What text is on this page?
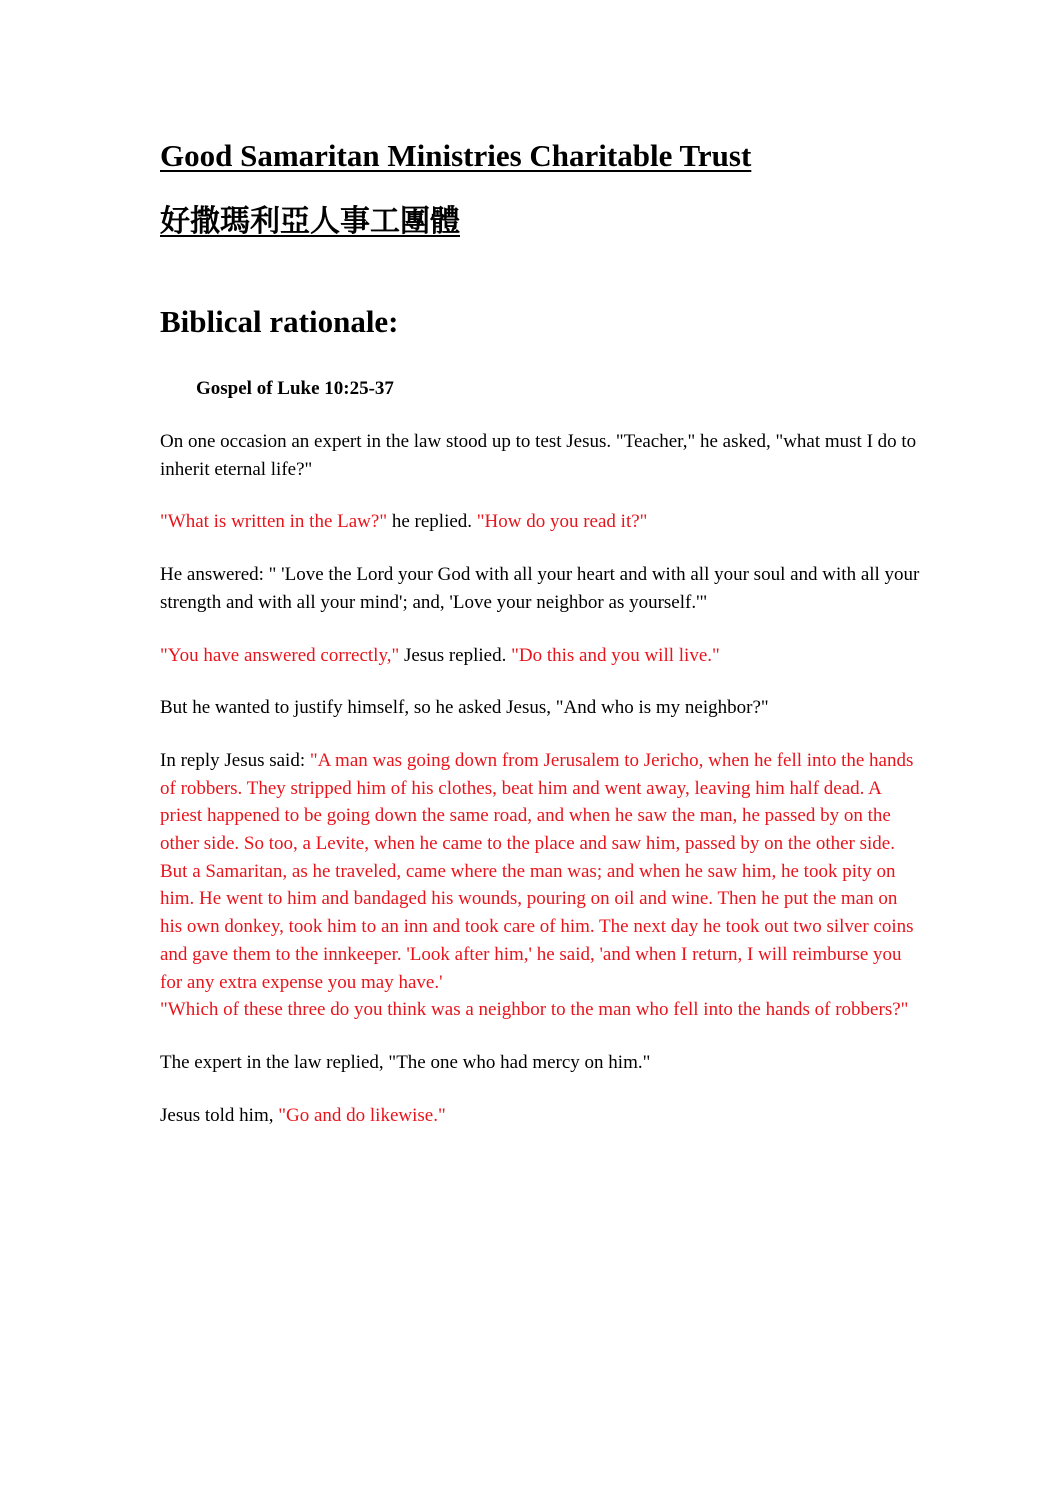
Good Samaritan Ministries Charitable Trust
好撒瑪利亞人事工團體
Biblical rationale:
Gospel of Luke 10:25-37

On one occasion an expert in the law stood up to test Jesus. "Teacher," he asked, "what must I do to inherit eternal life?"

"What is written in the Law?" he replied. "How do you read it?"

He answered: " 'Love the Lord your God with all your heart and with all your soul and with all your strength and with all your mind'; and, 'Love your neighbor as yourself.'"

"You have answered correctly," Jesus replied. "Do this and you will live."

But he wanted to justify himself, so he asked Jesus, "And who is my neighbor?"

In reply Jesus said: "A man was going down from Jerusalem to Jericho, when he fell into the hands of robbers. They stripped him of his clothes, beat him and went away, leaving him half dead. A priest happened to be going down the same road, and when he saw the man, he passed by on the other side. So too, a Levite, when he came to the place and saw him, passed by on the other side. But a Samaritan, as he traveled, came where the man was; and when he saw him, he took pity on him. He went to him and bandaged his wounds, pouring on oil and wine. Then he put the man on his own donkey, took him to an inn and took care of him. The next day he took out two silver coins and gave them to the innkeeper. 'Look after him,' he said, 'and when I return, I will reimburse you for any extra expense you may have.'

"Which of these three do you think was a neighbor to the man who fell into the hands of robbers?"

The expert in the law replied, "The one who had mercy on him."

Jesus told him, "Go and do likewise."
